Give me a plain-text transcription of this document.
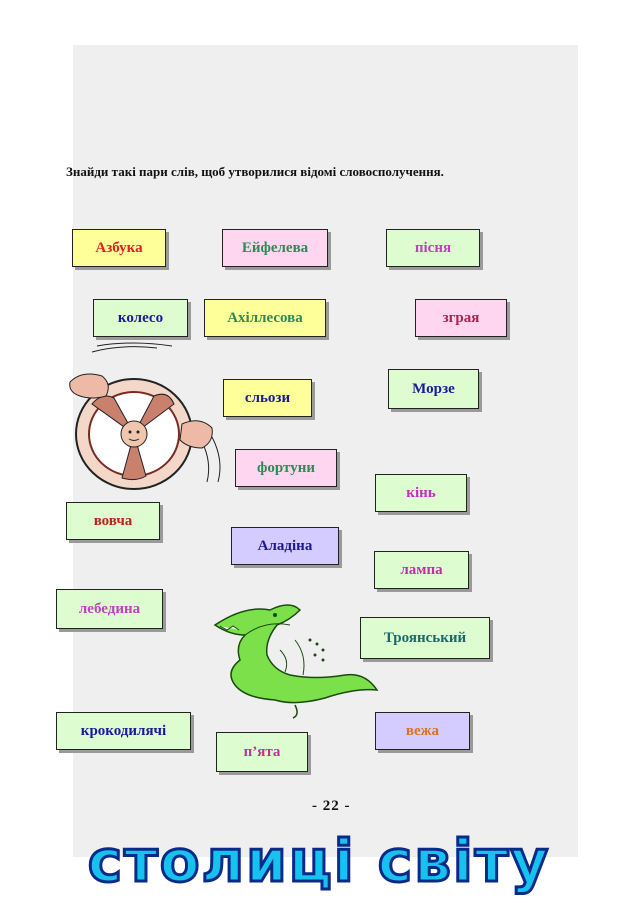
Знайди такі пари слів, щоб утворилися відомі словосполучення.
Азбука	Ейфелева	пісня
колесо	Ахіллесова	зграя
сльози
Морзе
фортуни
кінь
вовча
Аладіна
лампа
лебедина
Троянський
крокодилячі	вежа
п’ята
- 22 -
столиці світу
